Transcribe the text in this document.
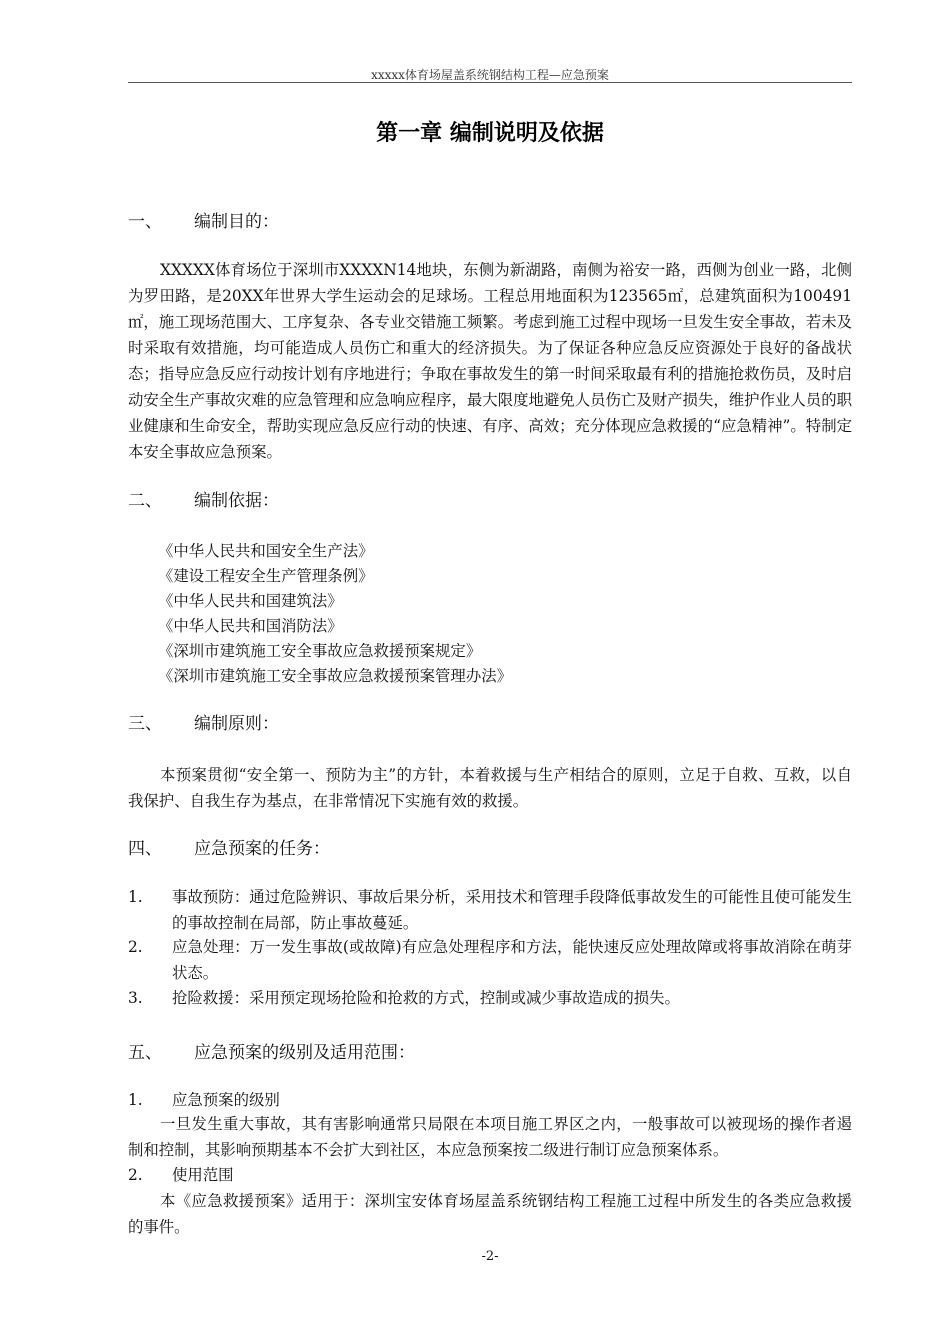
xxxxx体育场屋盖系统钢结构工程—应急预案
第一章 编制说明及依据
一、 编制目的：

XXXXX体育场位于深圳市XXXXN14地块，东侧为新湖路，南侧为裕安一路，西侧为创业一路，北侧为罗田路，是20XX年世界大学生运动会的足球场。工程总用地面积为123565㎡，总建筑面积为100491㎡，施工现场范围大、工序复杂、各专业交错施工频繁。考虑到施工过程中现场一旦发生安全事故，若未及时采取有效措施，均可能造成人员伤亡和重大的经济损失。为了保证各种应急反应资源处于良好的备战状态；指导应急反应行动按计划有序地进行；争取在事故发生的第一时间采取最有利的措施抢救伤员，及时启动安全生产事故灾难的应急管理和应急响应程序，最大限度地避免人员伤亡及财产损失，维护作业人员的职业健康和生命安全，帮助实现应急反应行动的快速、有序、高效；充分体现应急救援的“应急精神”。特制定本安全事故应急预案。

二、 编制依据：
《中华人民共和国安全生产法》
《建设工程安全生产管理条例》
《中华人民共和国建筑法》
《中华人民共和国消防法》
《深圳市建筑施工安全事故应急救援预案规定》
《深圳市建筑施工安全事故应急救援预案管理办法》
三、 编制原则：

本预案贯彻“安全第一、预防为主”的方针，本着救援与生产相结合的原则，立足于自救、互救，以自我保护、自我生存为基点，在非常情况下实施有效的救援。

四、 应急预案的任务：
1. 事故预防：通过危险辨识、事故后果分析，采用技术和管理手段降低事故发生的可能性且使可能发生的事故控制在局部，防止事故蔓延。
2. 应急处理：万一发生事故(或故障)有应急处理程序和方法，能快速反应处理故障或将事故消除在萌芽状态。
3. 抢险救援：采用预定现场抢险和抢救的方式，控制或减少事故造成的损失。
五、 应急预案的级别及适用范围：
1. 应急预案的级别

一旦发生重大事故，其有害影响通常只局限在本项目施工界区之内，一般事故可以被现场的操作者遏制和控制，其影响预期基本不会扩大到社区，本应急预案按二级进行制订应急预案体系。

2. 使用范围

本《应急救援预案》适用于：深圳宝安体育场屋盖系统钢结构工程施工过程中所发生的各类应急救援的事件。

-2-
